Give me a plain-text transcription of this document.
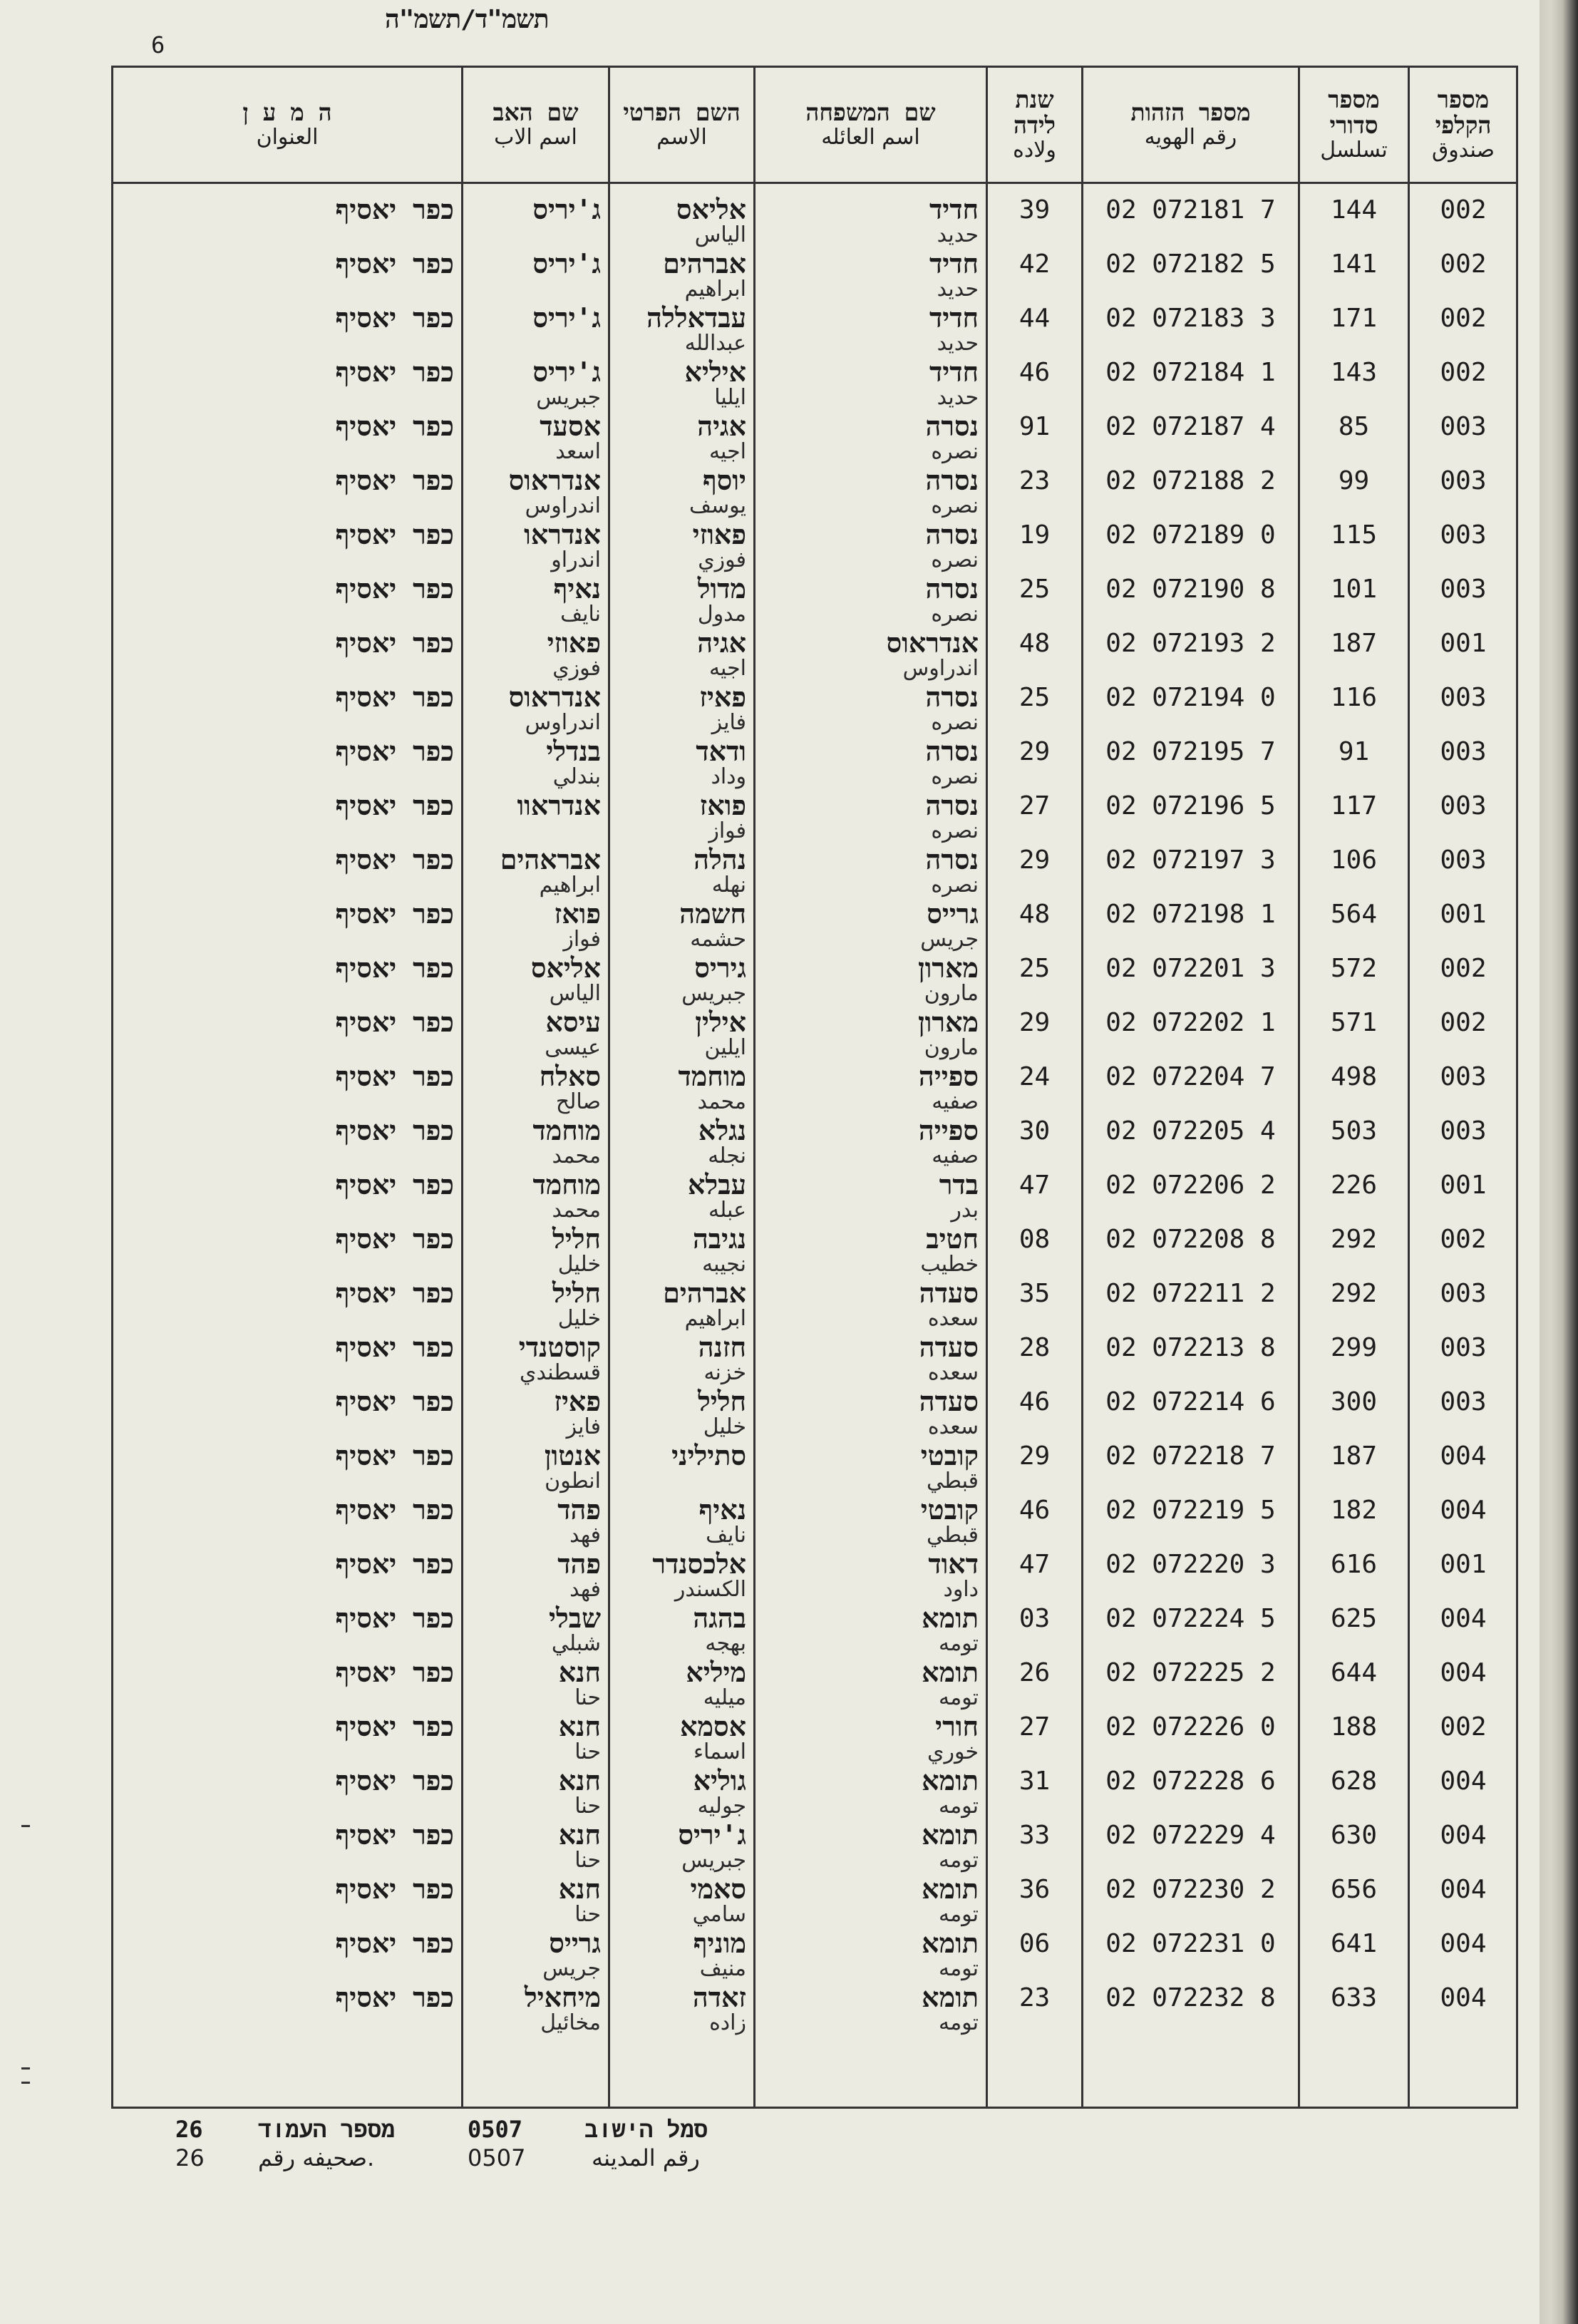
תשמ"ד/תשמ"ה
6
מספר הקלפי
صندوق
מספר סדורי
تسلسل
מספר הזהות
رقم الهويه
שנת לידה
ولاده
שם המשפחה
اسم العائله
השם הפרטי
الاسم
שם האב
اسم الاب
ה מ ע ן
العنوان
002
144
02 072181 7
39
חדיד
حديد
אליאס
الياس
ג'יריס
כפר יאסיף
002
141
02 072182 5
42
חדיד
حديد
אברהים
ابراهيم
ג'יריס
כפר יאסיף
002
171
02 072183 3
44
חדיד
حديد
עבדאללה
عبدالله
ג'יריס
כפר יאסיף
002
143
02 072184 1
46
חדיד
حديد
איליא
ايليا
ג'יריס
جبريس
כפר יאסיף
003
85
02 072187 4
91
נסרה
نصره
אגיה
اجيه
אסעד
اسعد
כפר יאסיף
003
99
02 072188 2
23
נסרה
نصره
יוסף
يوسف
אנדראוס
اندراوس
כפר יאסיף
003
115
02 072189 0
19
נסרה
نصره
פאוזי
فوزي
אנדראו
اندراو
כפר יאסיף
003
101
02 072190 8
25
נסרה
نصره
מדול
مدول
נאיף
نايف
כפר יאסיף
001
187
02 072193 2
48
אנדראוס
اندراوس
אגיה
اجيه
פאוזי
فوزي
כפר יאסיף
003
116
02 072194 0
25
נסרה
نصره
פאיז
فايز
אנדראוס
اندراوس
כפר יאסיף
003
91
02 072195 7
29
נסרה
نصره
ודאד
وداد
בנדלי
بندلي
כפר יאסיף
003
117
02 072196 5
27
נסרה
نصره
פואז
فواز
אנדראוו
כפר יאסיף
003
106
02 072197 3
29
נסרה
نصره
נהלה
نهله
אבראהים
ابراهيم
כפר יאסיף
001
564
02 072198 1
48
גרייס
جريس
חשמה
حشمه
פואז
فواز
כפר יאסיף
002
572
02 072201 3
25
מארון
مارون
גיריס
جبريس
אליאס
الياس
כפר יאסיף
002
571
02 072202 1
29
מארון
مارون
אילין
ايلين
עיסא
عيسى
כפר יאסיף
003
498
02 072204 7
24
ספייה
صفيه
מוחמד
محمد
סאלח
صالح
כפר יאסיף
003
503
02 072205 4
30
ספייה
صفيه
נגלא
نجله
מוחמד
محمد
כפר יאסיף
001
226
02 072206 2
47
בדר
بدر
עבלא
عبله
מוחמד
محمد
כפר יאסיף
002
292
02 072208 8
08
חטיב
خطيب
נגיבה
نجيبه
חליל
خليل
כפר יאסיף
003
292
02 072211 2
35
סעדה
سعده
אברהים
ابراهيم
חליל
خليل
כפר יאסיף
003
299
02 072213 8
28
סעדה
سعده
חזנה
خزنه
קוסטנדי
قسطندي
כפר יאסיף
003
300
02 072214 6
46
סעדה
سعده
חליל
خليل
פאיז
فايز
כפר יאסיף
004
187
02 072218 7
29
קובטי
قبطي
סתיליני
אנטון
انطون
כפר יאסיף
004
182
02 072219 5
46
קובטי
قبطي
נאיף
نايف
פהד
فهد
כפר יאסיף
001
616
02 072220 3
47
דאוד
داود
אלכסנדר
الكسندر
פהד
فهد
כפר יאסיף
004
625
02 072224 5
03
תומא
تومه
בהגה
بهجه
שבלי
شبلي
כפר יאסיף
004
644
02 072225 2
26
תומא
تومه
מיליא
ميليه
חנא
حنا
כפר יאסיף
002
188
02 072226 0
27
חורי
خوري
אסמא
اسماء
חנא
حنا
כפר יאסיף
004
628
02 072228 6
31
תומא
تومه
גוליא
جوليه
חנא
حنا
כפר יאסיף
004
630
02 072229 4
33
תומא
تومه
ג'יריס
جبريس
חנא
حنا
כפר יאסיף
004
656
02 072230 2
36
תומא
تومه
סאמי
سامي
חנא
حنا
כפר יאסיף
004
641
02 072231 0
06
תומא
تومه
מוניף
منيف
גרייס
جريس
כפר יאסיף
004
633
02 072232 8
23
תומא
تومه
זאדה
زاده
מיחאיל
مخائيل
כפר יאסיף
סמל הישוב
رقم المدينه
0507
0507
מספר העמוד
صحيفه رقم.
26
26
